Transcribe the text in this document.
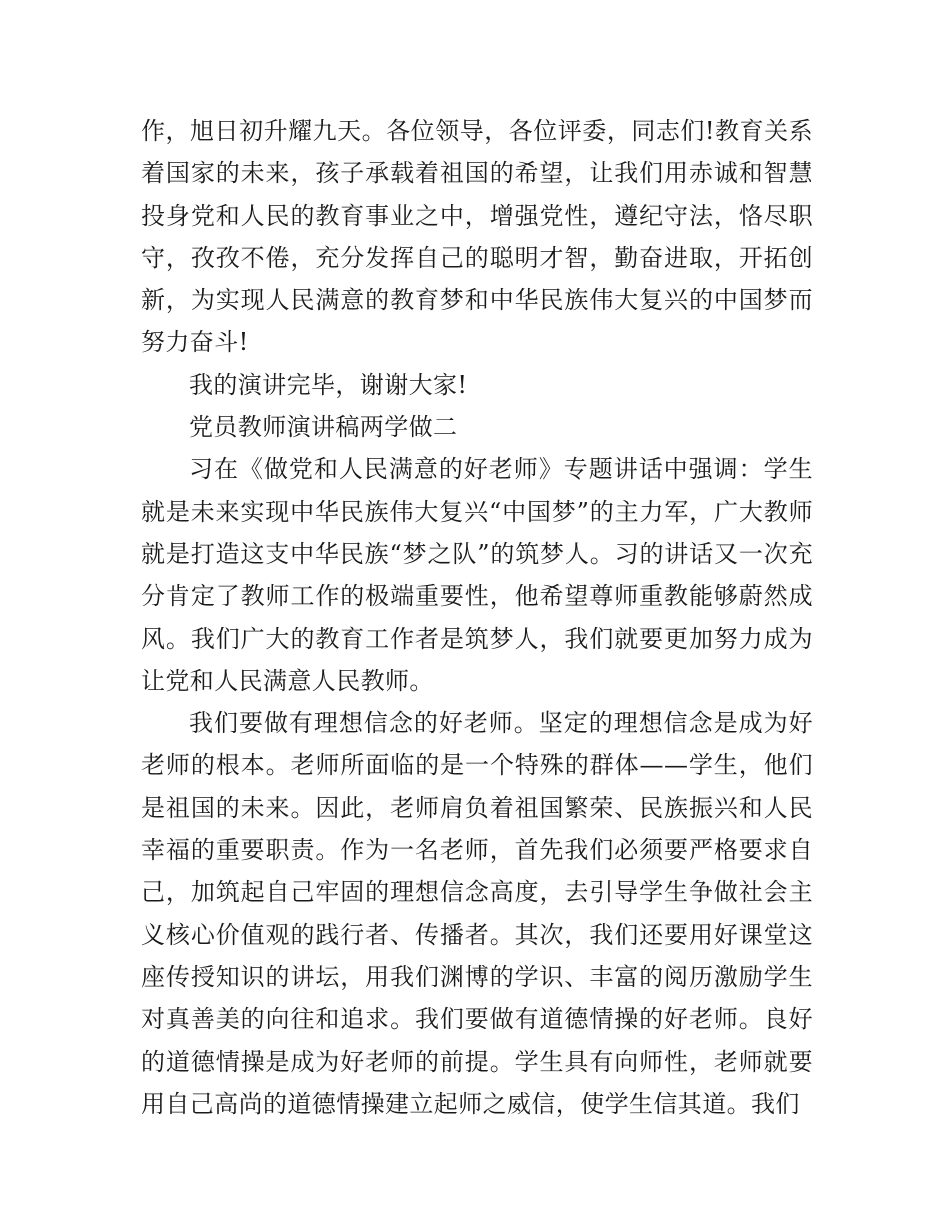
作，旭日初升耀九天。各位领导，各位评委，同志们!教育关系着国家的未来，孩子承载着祖国的希望，让我们用赤诚和智慧投身党和人民的教育事业之中，增强党性，遵纪守法，恪尽职守，孜孜不倦，充分发挥自己的聪明才智，勤奋进取，开拓创新，为实现人民满意的教育梦和中华民族伟大复兴的中国梦而努力奋斗!

我的演讲完毕，谢谢大家!

党员教师演讲稿两学做二

习在《做党和人民满意的好老师》专题讲话中强调：学生就是未来实现中华民族伟大复兴“中国梦”的主力军，广大教师就是打造这支中华民族“梦之队”的筑梦人。习的讲话又一次充分肯定了教师工作的极端重要性，他希望尊师重教能够蔚然成风。我们广大的教育工作者是筑梦人，我们就要更加努力成为让党和人民满意人民教师。

我们要做有理想信念的好老师。坚定的理想信念是成为好老师的根本。老师所面临的是一个特殊的群体——学生，他们是祖国的未来。因此，老师肩负着祖国繁荣、民族振兴和人民幸福的重要职责。作为一名老师，首先我们必须要严格要求自己，加筑起自己牢固的理想信念高度，去引导学生争做社会主义核心价值观的践行者、传播者。其次，我们还要用好课堂这座传授知识的讲坛，用我们渊博的学识、丰富的阅历激励学生对真善美的向往和追求。我们要做有道德情操的好老师。良好的道德情操是成为好老师的前提。学生具有向师性，老师就要用自己高尚的道德情操建立起师之威信，使学生信其道。我们
